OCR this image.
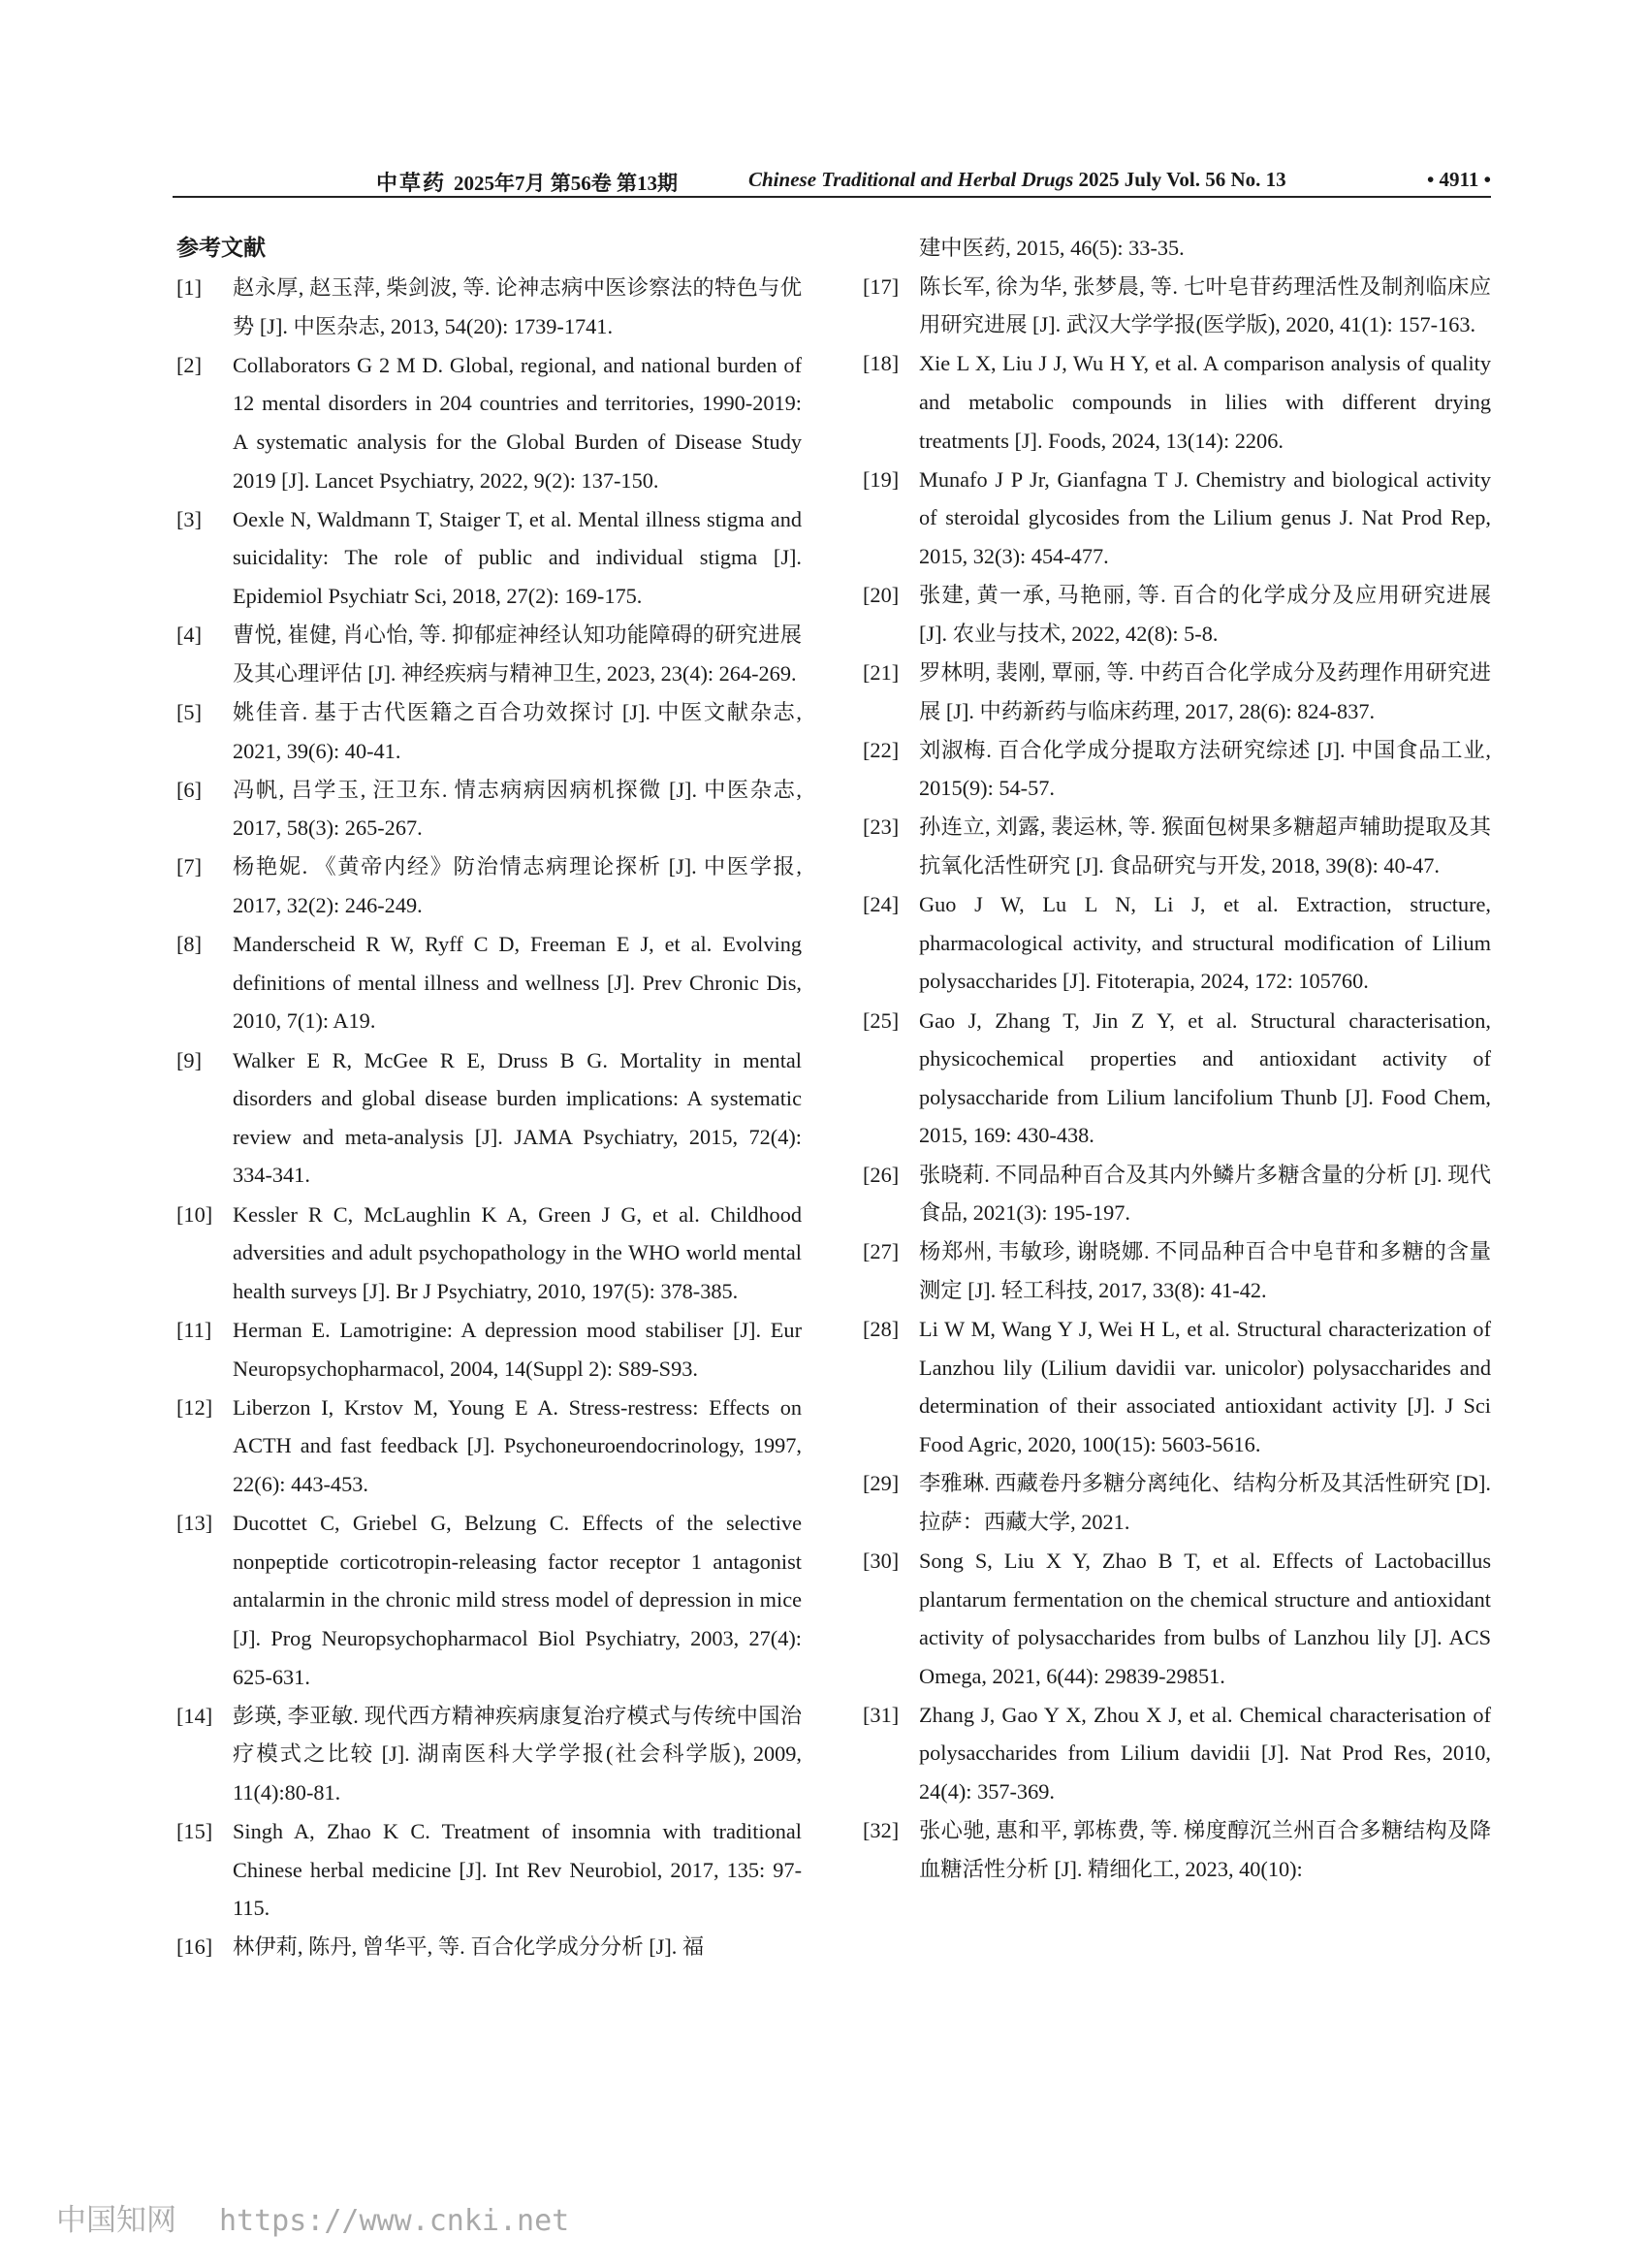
中草药 2025年7月 第56卷 第13期	Chinese Traditional and Herbal Drugs 2025 July Vol. 56 No. 13	• 4911 •
参考文献
[1] 赵永厚, 赵玉萍, 柴剑波, 等. 论神志病中医诊察法的特色与优势 [J]. 中医杂志, 2013, 54(20): 1739-1741.
[2] Collaborators G 2 M D. Global, regional, and national burden of 12 mental disorders in 204 countries and territories, 1990-2019: A systematic analysis for the Global Burden of Disease Study 2019 [J]. Lancet Psychiatry, 2022, 9(2): 137-150.
[3] Oexle N, Waldmann T, Staiger T, et al. Mental illness stigma and suicidality: The role of public and individual stigma [J]. Epidemiol Psychiatr Sci, 2018, 27(2): 169-175.
[4] 曹悦, 崔健, 肖心怡, 等. 抑郁症神经认知功能障碍的研究进展及其心理评估 [J]. 神经疾病与精神卫生, 2023, 23(4): 264-269.
[5] 姚佳音. 基于古代医籍之百合功效探讨 [J]. 中医文献杂志, 2021, 39(6): 40-41.
[6] 冯帆, 吕学玉, 汪卫东. 情志病病因病机探微 [J]. 中医杂志, 2017, 58(3): 265-267.
[7] 杨艳妮. 《黄帝内经》防治情志病理论探析 [J]. 中医学报, 2017, 32(2): 246-249.
[8] Manderscheid R W, Ryff C D, Freeman E J, et al. Evolving definitions of mental illness and wellness [J]. Prev Chronic Dis, 2010, 7(1): A19.
[9] Walker E R, McGee R E, Druss B G. Mortality in mental disorders and global disease burden implications: A systematic review and meta-analysis [J]. JAMA Psychiatry, 2015, 72(4): 334-341.
[10] Kessler R C, McLaughlin K A, Green J G, et al. Childhood adversities and adult psychopathology in the WHO world mental health surveys [J]. Br J Psychiatry, 2010, 197(5): 378-385.
[11] Herman E. Lamotrigine: A depression mood stabiliser [J]. Eur Neuropsychopharmacol, 2004, 14(Suppl 2): S89-S93.
[12] Liberzon I, Krstov M, Young E A. Stress-restress: Effects on ACTH and fast feedback [J]. Psychoneuroendocrinology, 1997, 22(6): 443-453.
[13] Ducottet C, Griebel G, Belzung C. Effects of the selective nonpeptide corticotropin-releasing factor receptor 1 antagonist antalarmin in the chronic mild stress model of depression in mice [J]. Prog Neuropsychopharmacol Biol Psychiatry, 2003, 27(4): 625-631.
[14] 彭瑛, 李亚敏. 现代西方精神疾病康复治疗模式与传统中国治疗模式之比较 [J]. 湖南医科大学学报(社会科学版), 2009, 11(4):80-81.
[15] Singh A, Zhao K C. Treatment of insomnia with traditional Chinese herbal medicine [J]. Int Rev Neurobiol, 2017, 135: 97-115.
[16] 林伊莉, 陈丹, 曾华平, 等. 百合化学成分分析 [J]. 福
建中医药, 2015, 46(5): 33-35.
[17] 陈长军, 徐为华, 张梦晨, 等. 七叶皂苷药理活性及制剂临床应用研究进展 [J]. 武汉大学学报(医学版), 2020, 41(1): 157-163.
[18] Xie L X, Liu J J, Wu H Y, et al. A comparison analysis of quality and metabolic compounds in lilies with different drying treatments [J]. Foods, 2024, 13(14): 2206.
[19] Munafo J P Jr, Gianfagna T J. Chemistry and biological activity of steroidal glycosides from the Lilium genus J. Nat Prod Rep, 2015, 32(3): 454-477.
[20] 张建, 黄一承, 马艳丽, 等. 百合的化学成分及应用研究进展 [J]. 农业与技术, 2022, 42(8): 5-8.
[21] 罗林明, 裴刚, 覃丽, 等. 中药百合化学成分及药理作用研究进展 [J]. 中药新药与临床药理, 2017, 28(6): 824-837.
[22] 刘淑梅. 百合化学成分提取方法研究综述 [J]. 中国食品工业, 2015(9): 54-57.
[23] 孙连立, 刘露, 裴运林, 等. 猴面包树果多糖超声辅助提取及其抗氧化活性研究 [J]. 食品研究与开发, 2018, 39(8): 40-47.
[24] Guo J W, Lu L N, Li J, et al. Extraction, structure, pharmacological activity, and structural modification of Lilium polysaccharides [J]. Fitoterapia, 2024, 172: 105760.
[25] Gao J, Zhang T, Jin Z Y, et al. Structural characterisation, physicochemical properties and antioxidant activity of polysaccharide from Lilium lancifolium Thunb [J]. Food Chem, 2015, 169: 430-438.
[26] 张晓莉. 不同品种百合及其内外鳞片多糖含量的分析 [J]. 现代食品, 2021(3): 195-197.
[27] 杨郑州, 韦敏珍, 谢晓娜. 不同品种百合中皂苷和多糖的含量测定 [J]. 轻工科技, 2017, 33(8): 41-42.
[28] Li W M, Wang Y J, Wei H L, et al. Structural characterization of Lanzhou lily (Lilium davidii var. unicolor) polysaccharides and determination of their associated antioxidant activity [J]. J Sci Food Agric, 2020, 100(15): 5603-5616.
[29] 李雅琳. 西藏卷丹多糖分离纯化、结构分析及其活性研究 [D]. 拉萨：西藏大学, 2021.
[30] Song S, Liu X Y, Zhao B T, et al. Effects of Lactobacillus plantarum fermentation on the chemical structure and antioxidant activity of polysaccharides from bulbs of Lanzhou lily [J]. ACS Omega, 2021, 6(44): 29839-29851.
[31] Zhang J, Gao Y X, Zhou X J, et al. Chemical characterisation of polysaccharides from Lilium davidii [J]. Nat Prod Res, 2010, 24(4): 357-369.
[32] 张心驰, 惠和平, 郭栋费, 等. 梯度醇沉兰州百合多糖结构及降血糖活性分析 [J]. 精细化工, 2023, 40(10):
中国知网 https://www.cnki.net
